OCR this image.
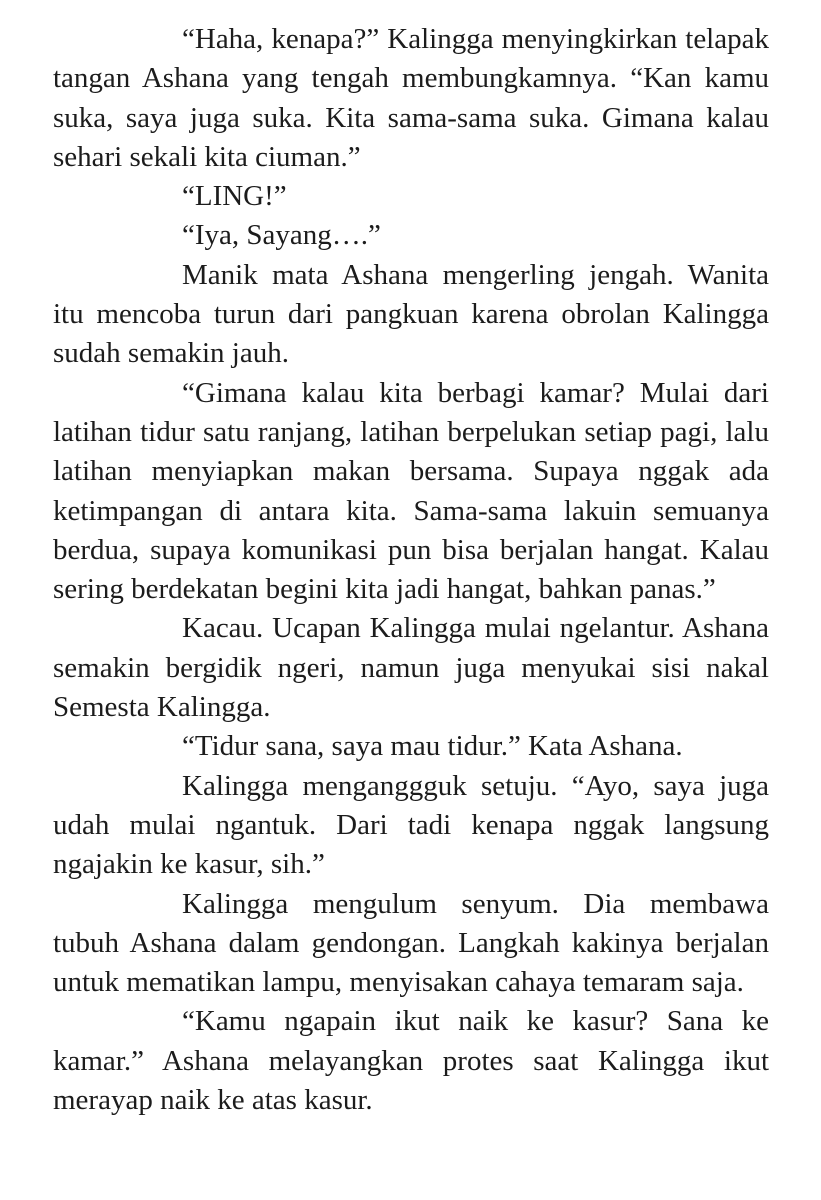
“Haha, kenapa?” Kalingga menyingkirkan telapak tangan Ashana yang tengah membungkamnya. “Kan kamu suka, saya juga suka. Kita sama-sama suka. Gimana kalau sehari sekali kita ciuman.”

“LING!”

“Iya, Sayang….”

Manik mata Ashana mengerling jengah. Wanita itu mencoba turun dari pangkuan karena obrolan Kalingga sudah semakin jauh.

“Gimana kalau kita berbagi kamar? Mulai dari latihan tidur satu ranjang, latihan berpelukan setiap pagi, lalu latihan menyiapkan makan bersama. Supaya nggak ada ketimpangan di antara kita. Sama-sama lakuin semuanya berdua, supaya komunikasi pun bisa berjalan hangat. Kalau sering berdekatan begini kita jadi hangat, bahkan panas.”

Kacau. Ucapan Kalingga mulai ngelantur. Ashana semakin bergidik ngeri, namun juga menyukai sisi nakal Semesta Kalingga.

“Tidur sana, saya mau tidur.” Kata Ashana.

Kalingga menganggguk setuju. “Ayo, saya juga udah mulai ngantuk. Dari tadi kenapa nggak langsung ngajakin ke kasur, sih.”

Kalingga mengulum senyum. Dia membawa tubuh Ashana dalam gendongan. Langkah kakinya berjalan untuk mematikan lampu, menyisakan cahaya temaram saja.

“Kamu ngapain ikut naik ke kasur? Sana ke kamar.” Ashana melayangkan protes saat Kalingga ikut merayap naik ke atas kasur.
